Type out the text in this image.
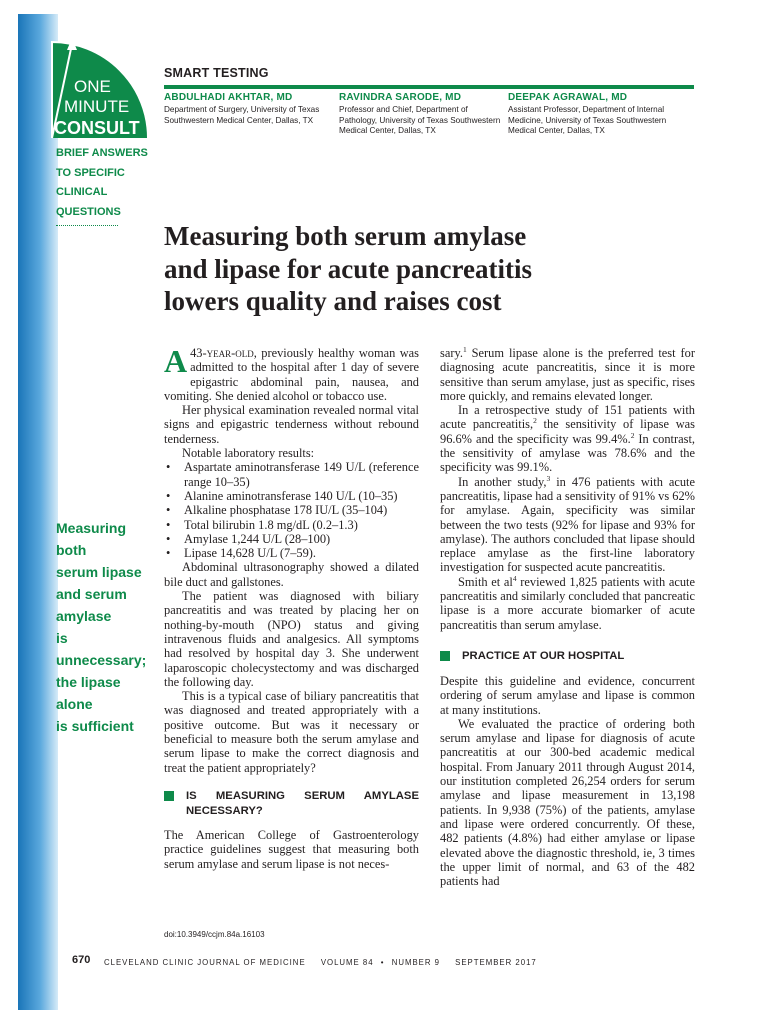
ONE
MINUTE
CONSULT
SMART TESTING
ABDULHADI AKHTAR, MD
Department of Surgery, University of Texas Southwestern Medical Center, Dallas, TX
RAVINDRA SARODE, MD
Professor and Chief, Department of Pathology, University of Texas Southwestern Medical Center, Dallas, TX
DEEPAK AGRAWAL, MD
Assistant Professor, Department of Internal Medicine, University of Texas Southwestern Medical Center, Dallas, TX
BRIEF ANSWERS
TO SPECIFIC
CLINICAL
QUESTIONS
Measuring both serum amylase
and lipase for acute pancreatitis
lowers quality and raises cost
Measuring both
serum lipase
and serum
amylase
is unnecessary;
the lipase alone
is sufficient

A 43-year-old, previously healthy woman was admitted to the hospital after 1 day of severe epigastric abdominal pain, nausea, and vomiting. She denied alcohol or tobacco use.

Her physical examination revealed normal vital signs and epigastric tenderness without rebound tenderness.

Notable laboratory results:

• Aspartate aminotransferase 149 U/L (reference range 10–35)
• Alanine aminotransferase 140 U/L (10–35)
• Alkaline phosphatase 178 IU/L (35–104)
• Total bilirubin 1.8 mg/dL (0.2–1.3)
• Amylase 1,244 U/L (28–100)
• Lipase 14,628 U/L (7–59).

Abdominal ultrasonography showed a dilated bile duct and gallstones.

The patient was diagnosed with biliary pancreatitis and was treated by placing her on nothing-by-mouth (NPO) status and giving intravenous fluids and analgesics. All symptoms had resolved by hospital day 3. She underwent laparoscopic cholecystectomy and was discharged the following day.

This is a typical case of biliary pancreatitis that was diagnosed and treated appropriately with a positive outcome. But was it necessary or beneficial to measure both the serum amylase and serum lipase to make the correct diagnosis and treat the patient appropriately?

IS MEASURING SERUM AMYLASE NECESSARY?

The American College of Gastroenterology practice guidelines suggest that measuring both serum amylase and serum lipase is not neces-

sary.$^1$ Serum lipase alone is the preferred test for diagnosing acute pancreatitis, since it is more sensitive than serum amylase, just as specific, rises more quickly, and remains elevated longer.

In a retrospective study of 151 patients with acute pancreatitis,$^2$ the sensitivity of lipase was 96.6% and the specificity was 99.4%.$^2$ In contrast, the sensitivity of amylase was 78.6% and the specificity was 99.1%.

In another study,$^3$ in 476 patients with acute pancreatitis, lipase had a sensitivity of 91% vs 62% for amylase. Again, specificity was similar between the two tests (92% for lipase and 93% for amylase). The authors concluded that lipase should replace amylase as the first-line laboratory investigation for suspected acute pancreatitis.

Smith et $al^4$ reviewed 1,825 patients with acute pancreatitis and similarly concluded that pancreatic lipase is a more accurate biomarker of acute pancreatitis than serum amylase.

PRACTICE AT OUR HOSPITAL

Despite this guideline and evidence, concurrent ordering of serum amylase and lipase is common at many institutions.

We evaluated the practice of ordering both serum amylase and lipase for diagnosis of acute pancreatitis at our 300-bed academic medical hospital. From January 2011 through August 2014, our institution completed 26,254 orders for serum amylase and lipase measurement in 13,198 patients. In 9,938 (75%) of the patients, amylase and lipase were ordered concurrently. Of these, 482 patients (4.8%) had either amylase or lipase elevated above the diagnostic threshold, ie, 3 times the upper limit of normal, and 63 of the 482 patients had

doi:10.3949/ccjm.84a.16103
670 CLEVELAND CLINIC JOURNAL OF MEDICINE VOLUME 84 • NUMBER 9 SEPTEMBER 2017
